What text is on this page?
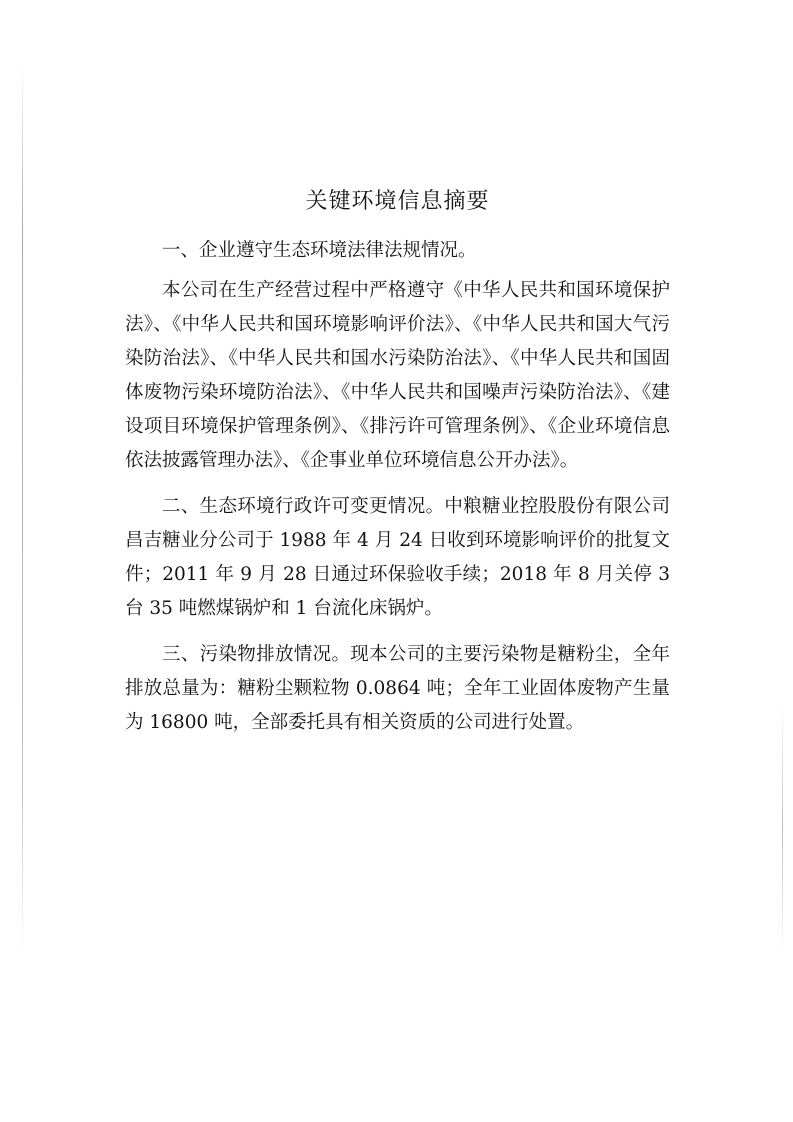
关键环境信息摘要

一、企业遵守生态环境法律法规情况。

本公司在生产经营过程中严格遵守《中华人民共和国环境保护法》、《中华人民共和国环境影响评价法》、《中华人民共和国大气污染防治法》、《中华人民共和国水污染防治法》、《中华人民共和国固体废物污染环境防治法》、《中华人民共和国噪声污染防治法》、《建设项目环境保护管理条例》、《排污许可管理条例》、《企业环境信息依法披露管理办法》、《企事业单位环境信息公开办法》。

二、生态环境行政许可变更情况。中粮糖业控股股份有限公司昌吉糖业分公司于 1988 年 4 月 24 日收到环境影响评价的批复文件；2011 年 9 月 28 日通过环保验收手续；2018 年 8 月关停 3 台 35 吨燃煤锅炉和 1 台流化床锅炉。

三、污染物排放情况。现本公司的主要污染物是糖粉尘，全年排放总量为：糖粉尘颗粒物 0.0864 吨；全年工业固体废物产生量为 16800 吨，全部委托具有相关资质的公司进行处置。
